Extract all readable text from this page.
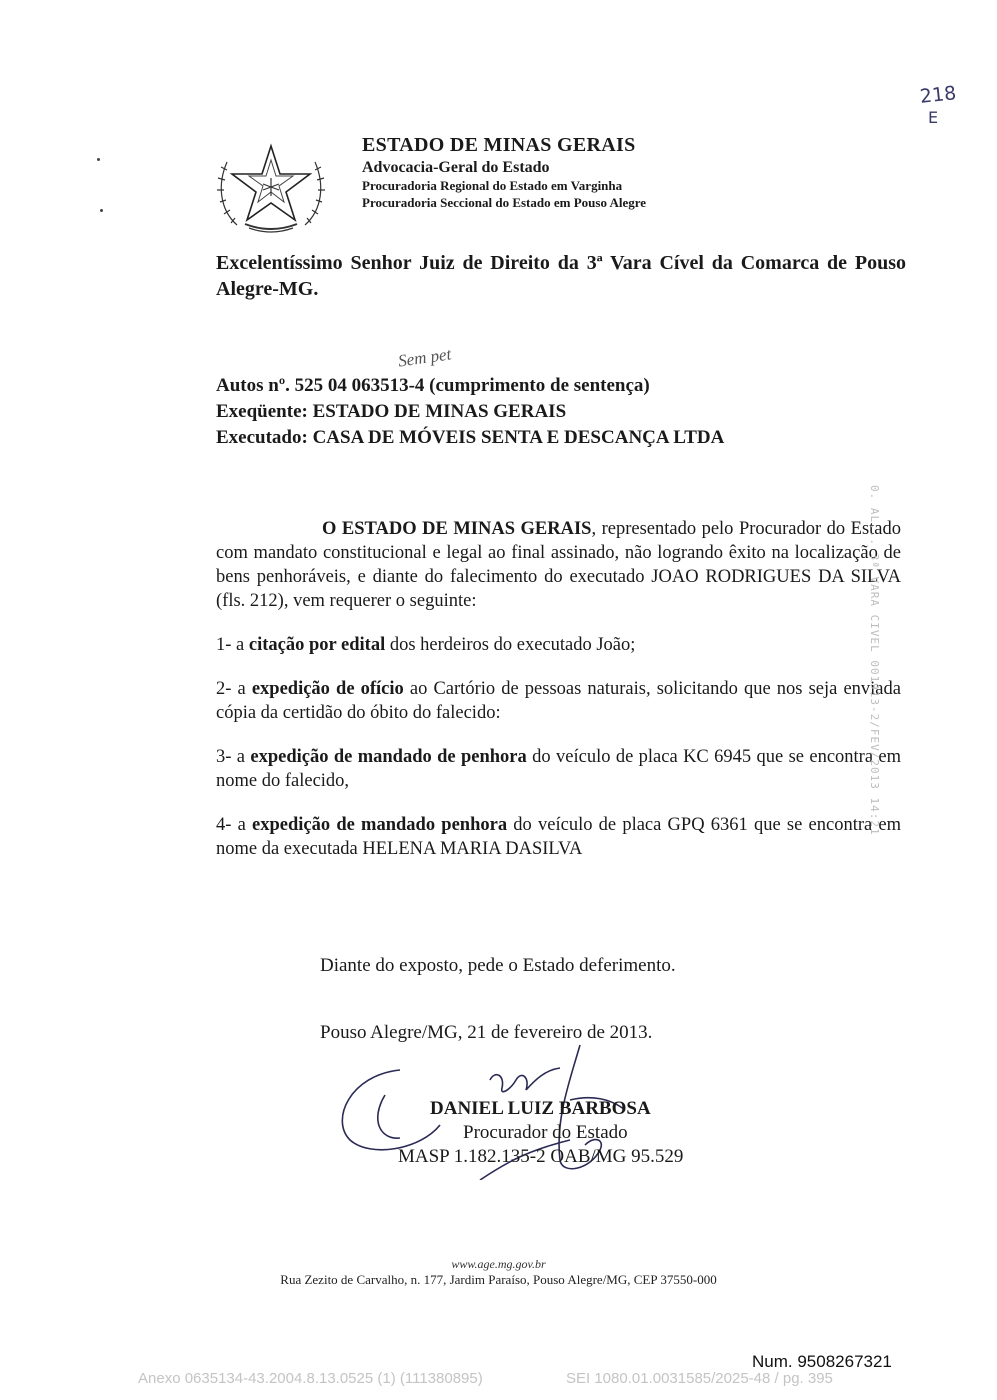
218
E
ESTADO DE MINAS GERAIS
Advocacia-Geral do Estado
Procuradoria Regional do Estado em Varginha
Procuradoria Seccional do Estado em Pouso Alegre
Excelentíssimo Senhor Juiz de Direito da 3ª Vara Cível da Comarca de Pouso Alegre-MG.
Sem pet
Autos nº. 525 04 063513-4 (cumprimento de sentença)
Exeqüente: ESTADO DE MINAS GERAIS
Executado: CASA DE MÓVEIS SENTA E DESCANÇA LTDA

O ESTADO DE MINAS GERAIS, representado pelo Procurador do Estado com mandato constitucional e legal ao final assinado, não logrando êxito na localização de bens penhoráveis, e diante do falecimento do executado JOAO RODRIGUES DA SILVA (fls. 212), vem requerer o seguinte:

1- a citação por edital dos herdeiros do executado João;

2- a expedição de ofício ao Cartório de pessoas naturais, solicitando que nos seja enviada cópia da certidão do óbito do falecido:

3- a expedição de mandado de penhora do veículo de placa KC 6945 que se encontra em nome do falecido,

4- a expedição de mandado penhora do veículo de placa GPQ 6361 que se encontra em nome da executada HELENA MARIA DASILVA

Diante do exposto, pede o Estado deferimento.
Pouso Alegre/MG, 21 de fevereiro de 2013.
DANIEL LUIZ BARBOSA
Procurador do Estado
MASP 1.182.135-2 OAB/MG 95.529
0. AL... 3ª VARA CIVEL 001913-2/FEV/2013 14:21
www.age.mg.gov.br
Rua Zezito de Carvalho, n. 177, Jardim Paraíso, Pouso Alegre/MG, CEP 37550-000
Num. 9508267321
Anexo 0635134-43.2004.8.13.0525 (1) (111380895)	SEI 1080.01.0031585/2025-48 / pg. 395
